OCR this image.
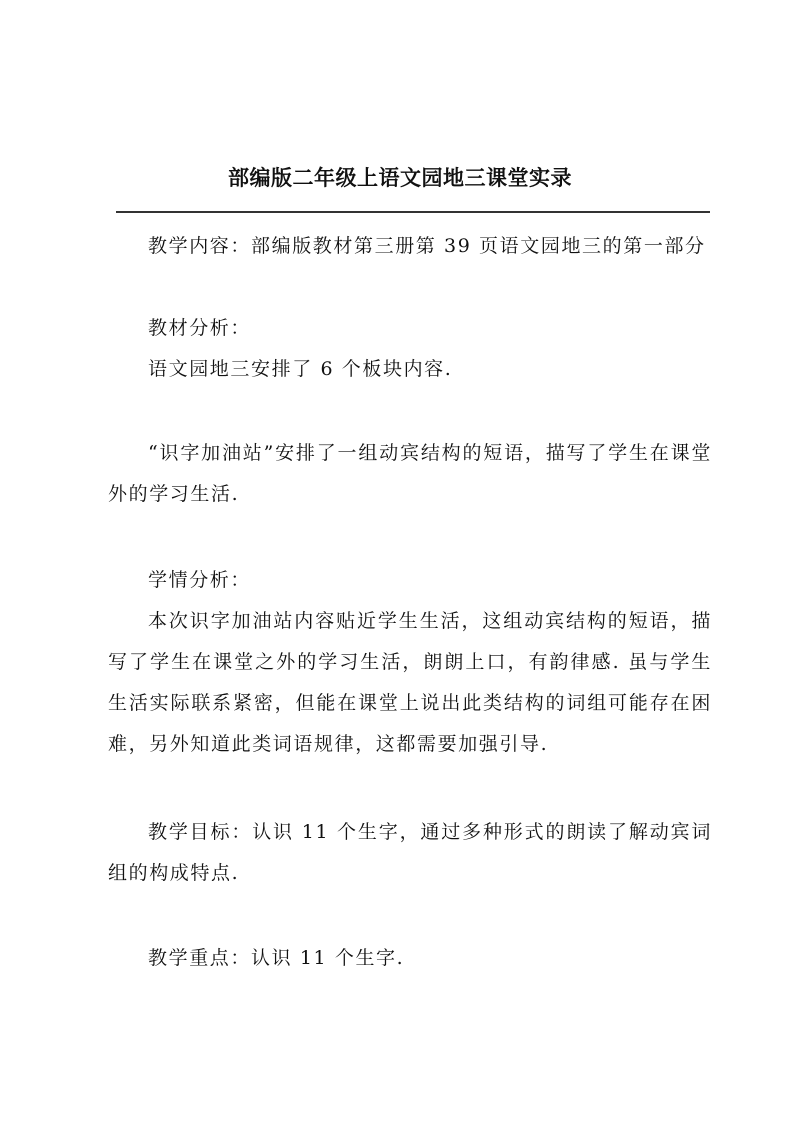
部编版二年级上语文园地三课堂实录

教学内容：部编版教材第三册第 39 页语文园地三的第一部分

教材分析：

语文园地三安排了 6 个板块内容.

“识字加油站”安排了一组动宾结构的短语，描写了学生在课堂外的学习生活.

学情分析：

本次识字加油站内容贴近学生生活，这组动宾结构的短语，描写了学生在课堂之外的学习生活，朗朗上口，有韵律感. 虽与学生生活实际联系紧密，但能在课堂上说出此类结构的词组可能存在困难，另外知道此类词语规律，这都需要加强引导.

教学目标：认识 11 个生字，通过多种形式的朗读了解动宾词组的构成特点.

教学重点：认识 11 个生字.
